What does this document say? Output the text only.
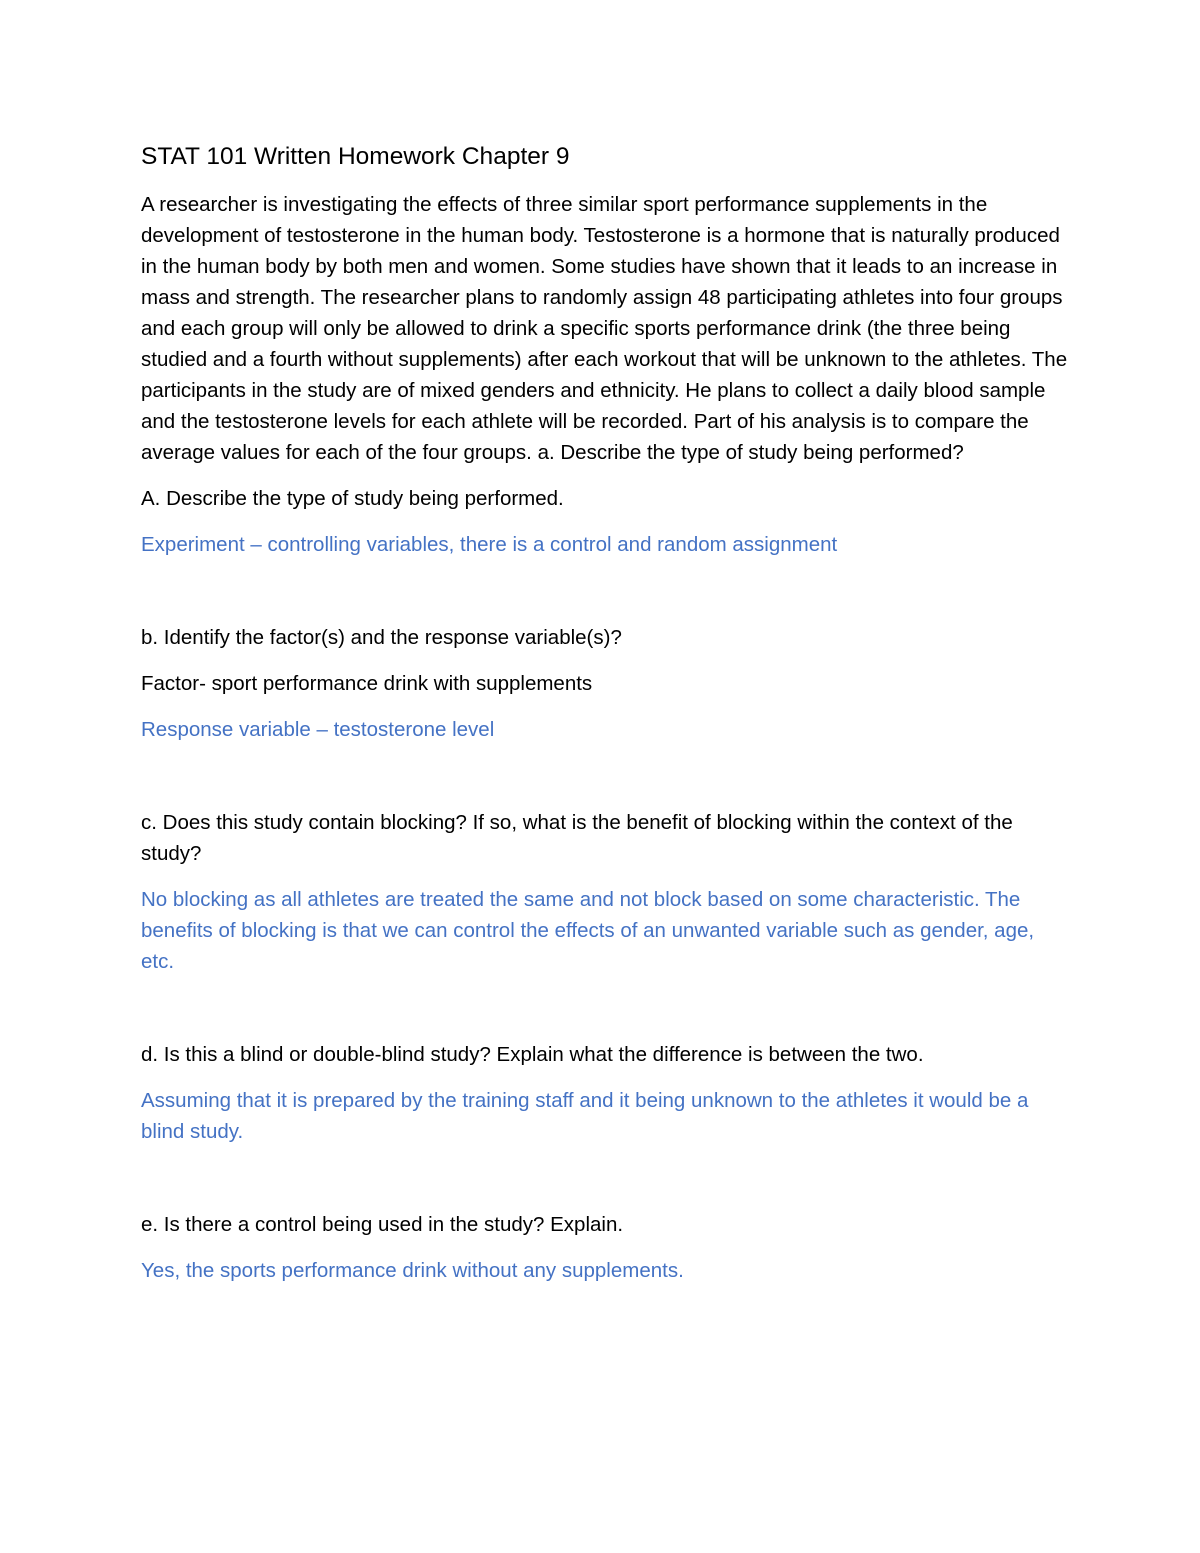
STAT 101 Written Homework Chapter 9

A researcher is investigating the effects of three similar sport performance supplements in the development of testosterone in the human body. Testosterone is a hormone that is naturally produced in the human body by both men and women. Some studies have shown that it leads to an increase in mass and strength. The researcher plans to randomly assign 48 participating athletes into four groups and each group will only be allowed to drink a specific sports performance drink (the three being studied and a fourth without supplements) after each workout that will be unknown to the athletes. The participants in the study are of mixed genders and ethnicity. He plans to collect a daily blood sample and the testosterone levels for each athlete will be recorded. Part of his analysis is to compare the average values for each of the four groups. a. Describe the type of study being performed?

A. Describe the type of study being performed.

Experiment – controlling variables, there is a control and random assignment

b. Identify the factor(s) and the response variable(s)?

Factor- sport performance drink with supplements

Response variable – testosterone level

c. Does this study contain blocking? If so, what is the benefit of blocking within the context of the study?

No blocking as all athletes are treated the same and not block based on some characteristic. The benefits of blocking is that we can control the effects of an unwanted variable such as gender, age, etc.

d. Is this a blind or double-blind study? Explain what the difference is between the two.

Assuming that it is prepared by the training staff and it being unknown to the athletes it would be a blind study.

e. Is there a control being used in the study? Explain.

Yes, the sports performance drink without any supplements.
